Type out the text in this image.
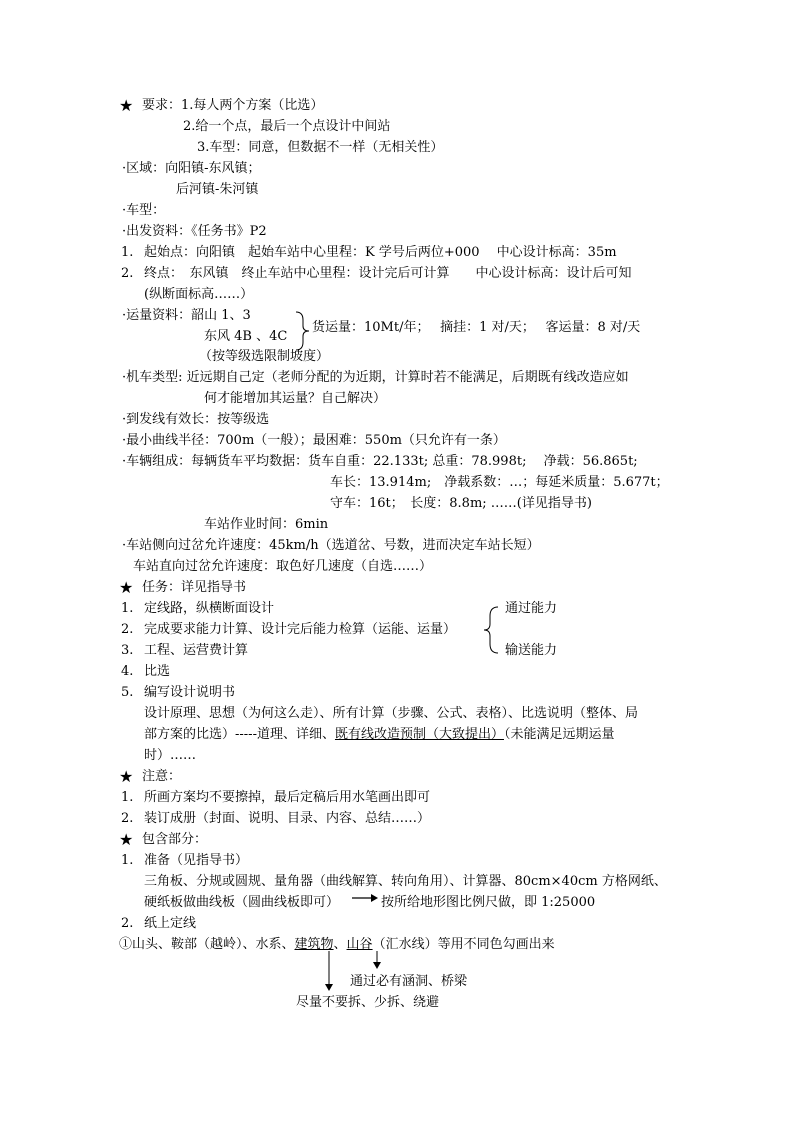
★ 要求：1.每人两个方案（比选）
2.给一个点，最后一个点设计中间站
3.车型：同意，但数据不一样（无相关性）
·区域：向阳镇-东风镇；
后河镇-朱河镇
·车型：
·出发资料：《任务书》P2
1. 起始点：向阳镇　起始车站中心里程：K 学号后两位+000　 中心设计标高：35m
2. 终点：　东风镇　终止车站中心里程：设计完后可计算　　中心设计标高：设计后可知
(纵断面标高……）
·运量资料：韶山 1、3
东风 4B 、4C
货运量：10Mt/年；　 摘挂：1 对/天；　 客运量：8 对/天
（按等级选限制坡度）
·机车类型: 近远期自己定（老师分配的为近期，计算时若不能满足，后期既有线改造应如
何才能增加其运量？自己解决）
·到发线有效长：按等级选
·最小曲线半径：700m（一般）；最困难：550m（只允许有一条）
·车辆组成：每辆货车平均数据：货车自重：22.133t; 总重：78.998t;　 净载：56.865t;
车长：13.914m;　净载系数：…；每延米质量：5.677t；
守车：16t；　长度：8.8m; ……(详见指导书)
车站作业时间：6min
·车站侧向过岔允许速度：45km/h（选道岔、号数，进而决定车站长短）
车站直向过岔允许速度：取色好几速度（自选……）
★ 任务：详见指导书
1. 定线路，纵横断面设计
2. 完成要求能力计算、设计完后能力检算（运能、运量）
3. 工程、运营费计算
4. 比选
5. 编写设计说明书
通过能力
输送能力
设计原理、思想（为何这么走）、所有计算（步骤、公式、表格）、比选说明（整体、局
部方案的比选）-----道理、详细、既有线改造预制（大致提出）（未能满足远期运量
时）……
★ 注意：
1. 所画方案均不要擦掉，最后定稿后用水笔画出即可
2. 装订成册（封面、说明、目录、内容、总结……）
★ 包含部分：
1. 准备（见指导书）
三角板、分规或圆规、量角器（曲线解算、转向角用）、计算器、80cm×40cm 方格网纸、
硬纸板做曲线板（圆曲线板即可）	按所给地形图比例尺做，即 1:25000
2. 纸上定线
①山头、鞍部（越岭）、水系、建筑物、山谷（汇水线）等用不同色勾画出来
通过必有涵洞、桥梁
尽量不要拆、少拆、绕避
